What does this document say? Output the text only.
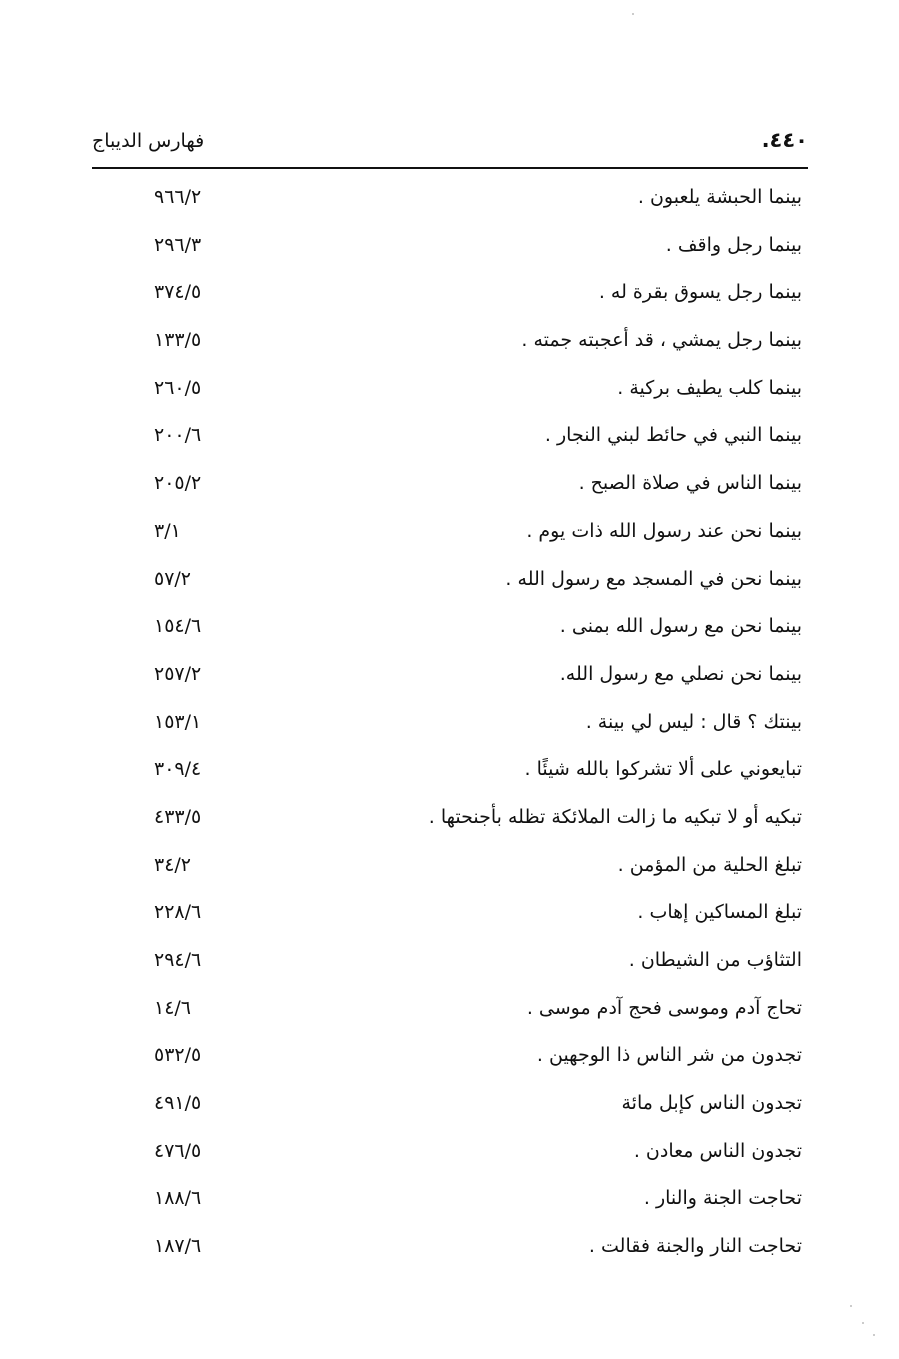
فهارس الديباج	٤٤٠.
بينما الحبشة يلعبون .
٩٦٦/٢
بينما رجل واقف .
٢٩٦/٣
بينما رجل يسوق بقرة له .
٣٧٤/٥
بينما رجل يمشي ، قد أعجبته جمته .
١٣٣/٥
بينما كلب يطيف بركية .
٢٦٠/٥
بينما النبي في حائط لبني النجار .
٢٠٠/٦
بينما الناس في صلاة الصبح .
٢٠٥/٢
بينما نحن عند رسول الله ذات يوم .
٣/١
بينما نحن في المسجد مع رسول الله .
٥٧/٢
بينما نحن مع رسول الله بمنى .
١٥٤/٦
بينما نحن نصلي مع رسول الله.
٢٥٧/٢
بينتك ؟ قال : ليس لي بينة .
١٥٣/١
تبايعوني على ألا تشركوا بالله شيئًا .
٣٠٩/٤
تبكيه أو لا تبكيه ما زالت الملائكة تظله بأجنحتها .
٤٣٣/٥
تبلغ الحلية من المؤمن .
٣٤/٢
تبلغ المساكين إهاب .
٢٢٨/٦
التثاؤب من الشيطان .
٢٩٤/٦
تحاج آدم وموسى فحج آدم موسى .
١٤/٦
تجدون من شر الناس ذا الوجهين .
٥٣٢/٥
تجدون الناس كإبل مائة
٤٩١/٥
تجدون الناس معادن .
٤٧٦/٥
تحاجت الجنة والنار .
١٨٨/٦
تحاجت النار والجنة فقالت .
١٨٧/٦
